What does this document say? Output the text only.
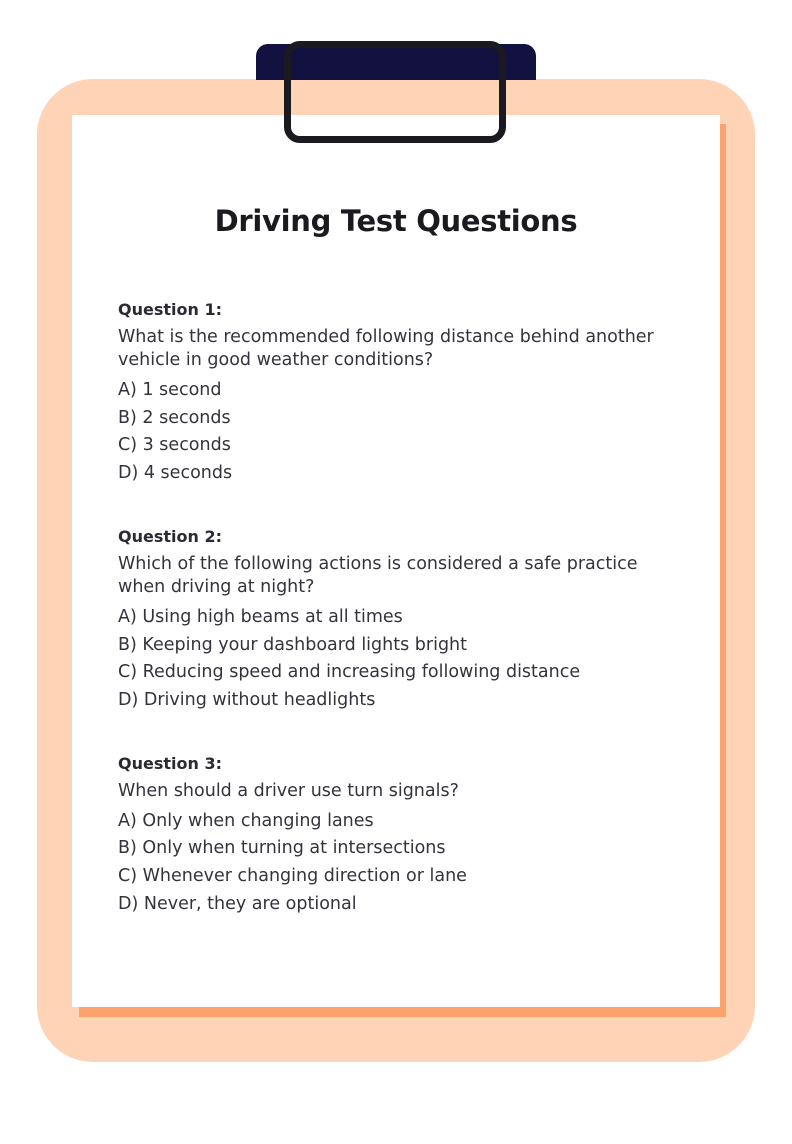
Driving Test Questions
Question 1:
What is the recommended following distance behind another vehicle in good weather conditions?
A) 1 second
B) 2 seconds
C) 3 seconds
D) 4 seconds
Question 2:
Which of the following actions is considered a safe practice when driving at night?
A) Using high beams at all times
B) Keeping your dashboard lights bright
C) Reducing speed and increasing following distance
D) Driving without headlights
Question 3:
When should a driver use turn signals?
A) Only when changing lanes
B) Only when turning at intersections
C) Whenever changing direction or lane
D) Never, they are optional
